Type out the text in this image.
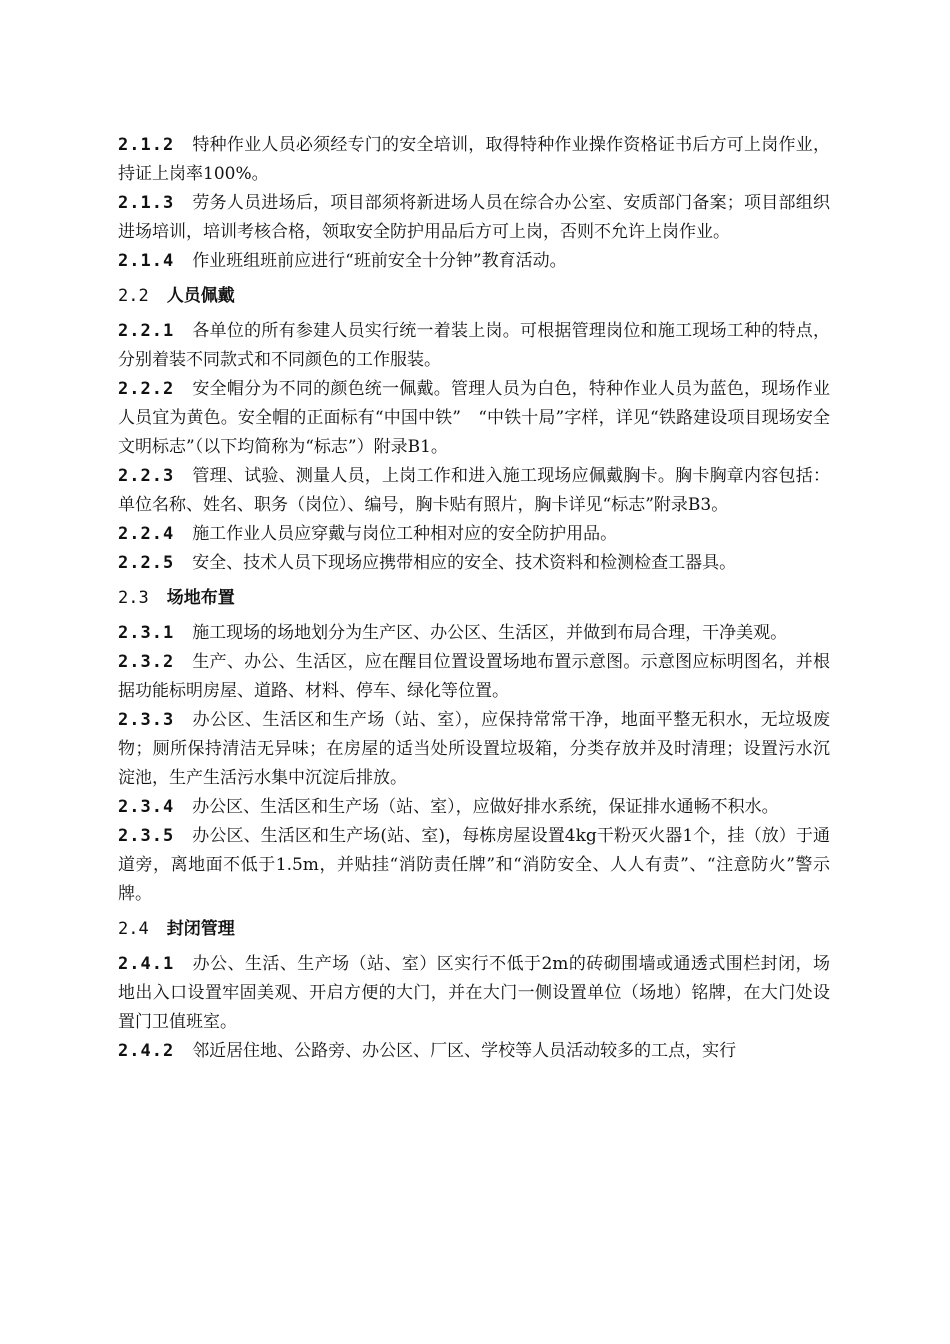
2.1.2 特种作业人员必须经专门的安全培训，取得特种作业操作资格证书后方可上岗作业，持证上岗率100%。

2.1.3 劳务人员进场后，项目部须将新进场人员在综合办公室、安质部门备案；项目部组织进场培训，培训考核合格，领取安全防护用品后方可上岗，否则不允许上岗作业。

2.1.4 作业班组班前应进行“班前安全十分钟”教育活动。

2.2 人员佩戴

2.2.1 各单位的所有参建人员实行统一着装上岗。可根据管理岗位和施工现场工种的特点，分别着装不同款式和不同颜色的工作服装。

2.2.2 安全帽分为不同的颜色统一佩戴。管理人员为白色，特种作业人员为蓝色，现场作业人员宜为黄色。安全帽的正面标有“中国中铁”　“中铁十局”字样，详见“铁路建设项目现场安全文明标志”（以下均简称为“标志”）附录B1。

2.2.3 管理、试验、测量人员，上岗工作和进入施工现场应佩戴胸卡。胸卡胸章内容包括：单位名称、姓名、职务（岗位）、编号，胸卡贴有照片，胸卡详见“标志”附录B3。

2.2.4 施工作业人员应穿戴与岗位工种相对应的安全防护用品。

2.2.5 安全、技术人员下现场应携带相应的安全、技术资料和检测检查工器具。

2.3 场地布置

2.3.1 施工现场的场地划分为生产区、办公区、生活区，并做到布局合理，干净美观。

2.3.2 生产、办公、生活区，应在醒目位置设置场地布置示意图。示意图应标明图名，并根据功能标明房屋、道路、材料、停车、绿化等位置。

2.3.3 办公区、生活区和生产场（站、室），应保持常常干净，地面平整无积水，无垃圾废物；厕所保持清洁无异味；在房屋的适当处所设置垃圾箱，分类存放并及时清理；设置污水沉淀池，生产生活污水集中沉淀后排放。

2.3.4 办公区、生活区和生产场（站、室），应做好排水系统，保证排水通畅不积水。

2.3.5 办公区、生活区和生产场(站、室)，每栋房屋设置4kg干粉灭火器1个，挂（放）于通道旁，离地面不低于1.5m，并贴挂“消防责任牌”和“消防安全、人人有责”、“注意防火”警示牌。

2.4 封闭管理

2.4.1 办公、生活、生产场（站、室）区实行不低于2m的砖砌围墙或通透式围栏封闭，场地出入口设置牢固美观、开启方便的大门，并在大门一侧设置单位（场地）铭牌，在大门处设置门卫值班室。

2.4.2 邻近居住地、公路旁、办公区、厂区、学校等人员活动较多的工点，实行
